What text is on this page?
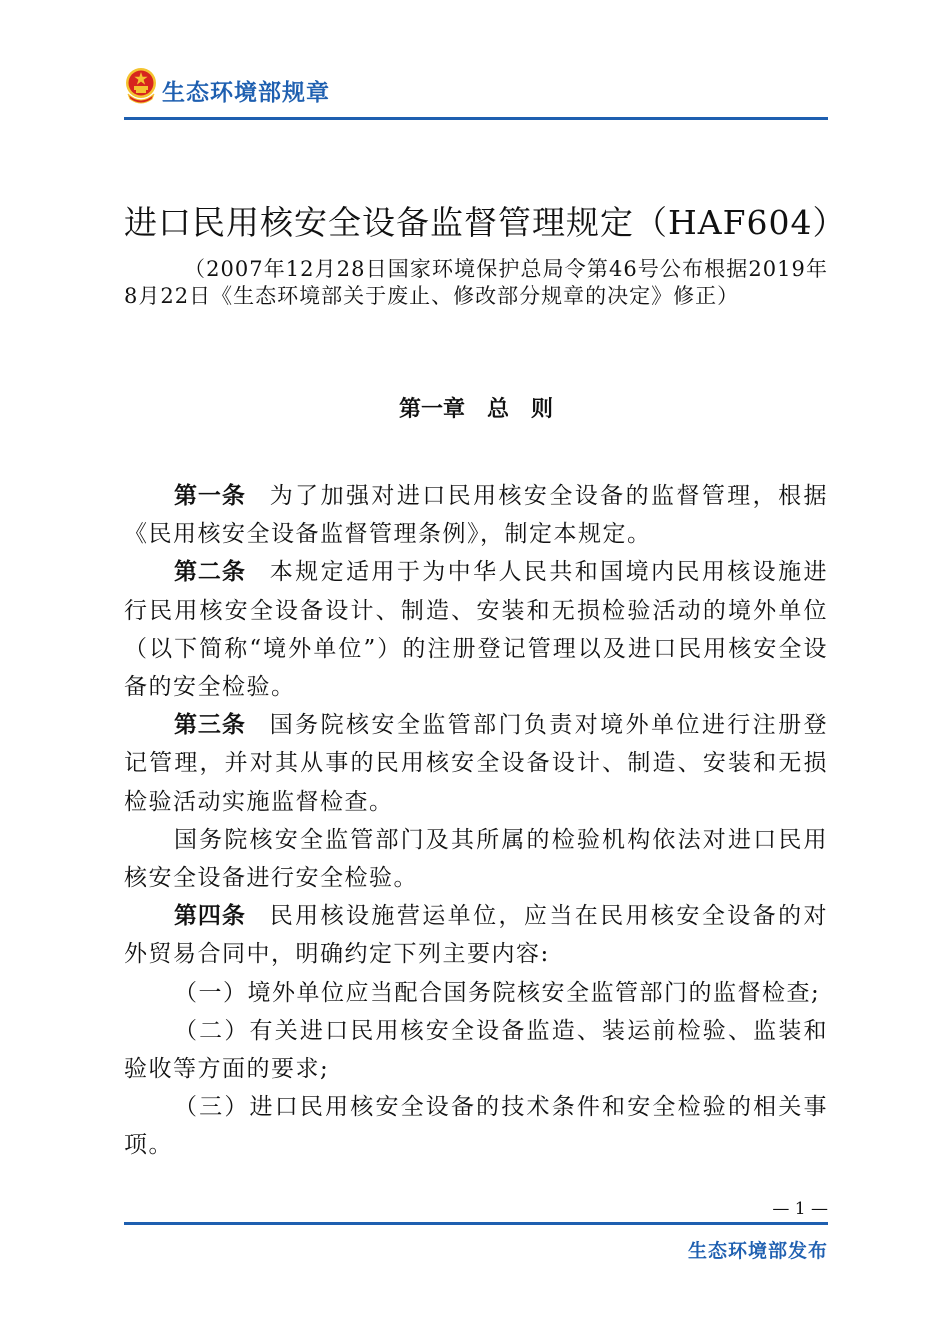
生态环境部规章
进口民用核安全设备监督管理规定（HAF604）
（2007年12月28日国家环境保护总局令第46号公布根据2019年8月22日《生态环境部关于废止、修改部分规章的决定》修正）
第一章　总　则

第一条 为了加强对进口民用核安全设备的监督管理，根据《民用核安全设备监督管理条例》，制定本规定。

第二条 本规定适用于为中华人民共和国境内民用核设施进行民用核安全设备设计、制造、安装和无损检验活动的境外单位（以下简称“境外单位”）的注册登记管理以及进口民用核安全设备的安全检验。

第三条 国务院核安全监管部门负责对境外单位进行注册登记管理，并对其从事的民用核安全设备设计、制造、安装和无损检验活动实施监督检查。

国务院核安全监管部门及其所属的检验机构依法对进口民用核安全设备进行安全检验。

第四条 民用核设施营运单位，应当在民用核安全设备的对外贸易合同中，明确约定下列主要内容:

（一）境外单位应当配合国务院核安全监管部门的监督检查;

（二）有关进口民用核安全设备监造、装运前检验、监装和验收等方面的要求;

（三）进口民用核安全设备的技术条件和安全检验的相关事项。

— 1 —
生态环境部发布
